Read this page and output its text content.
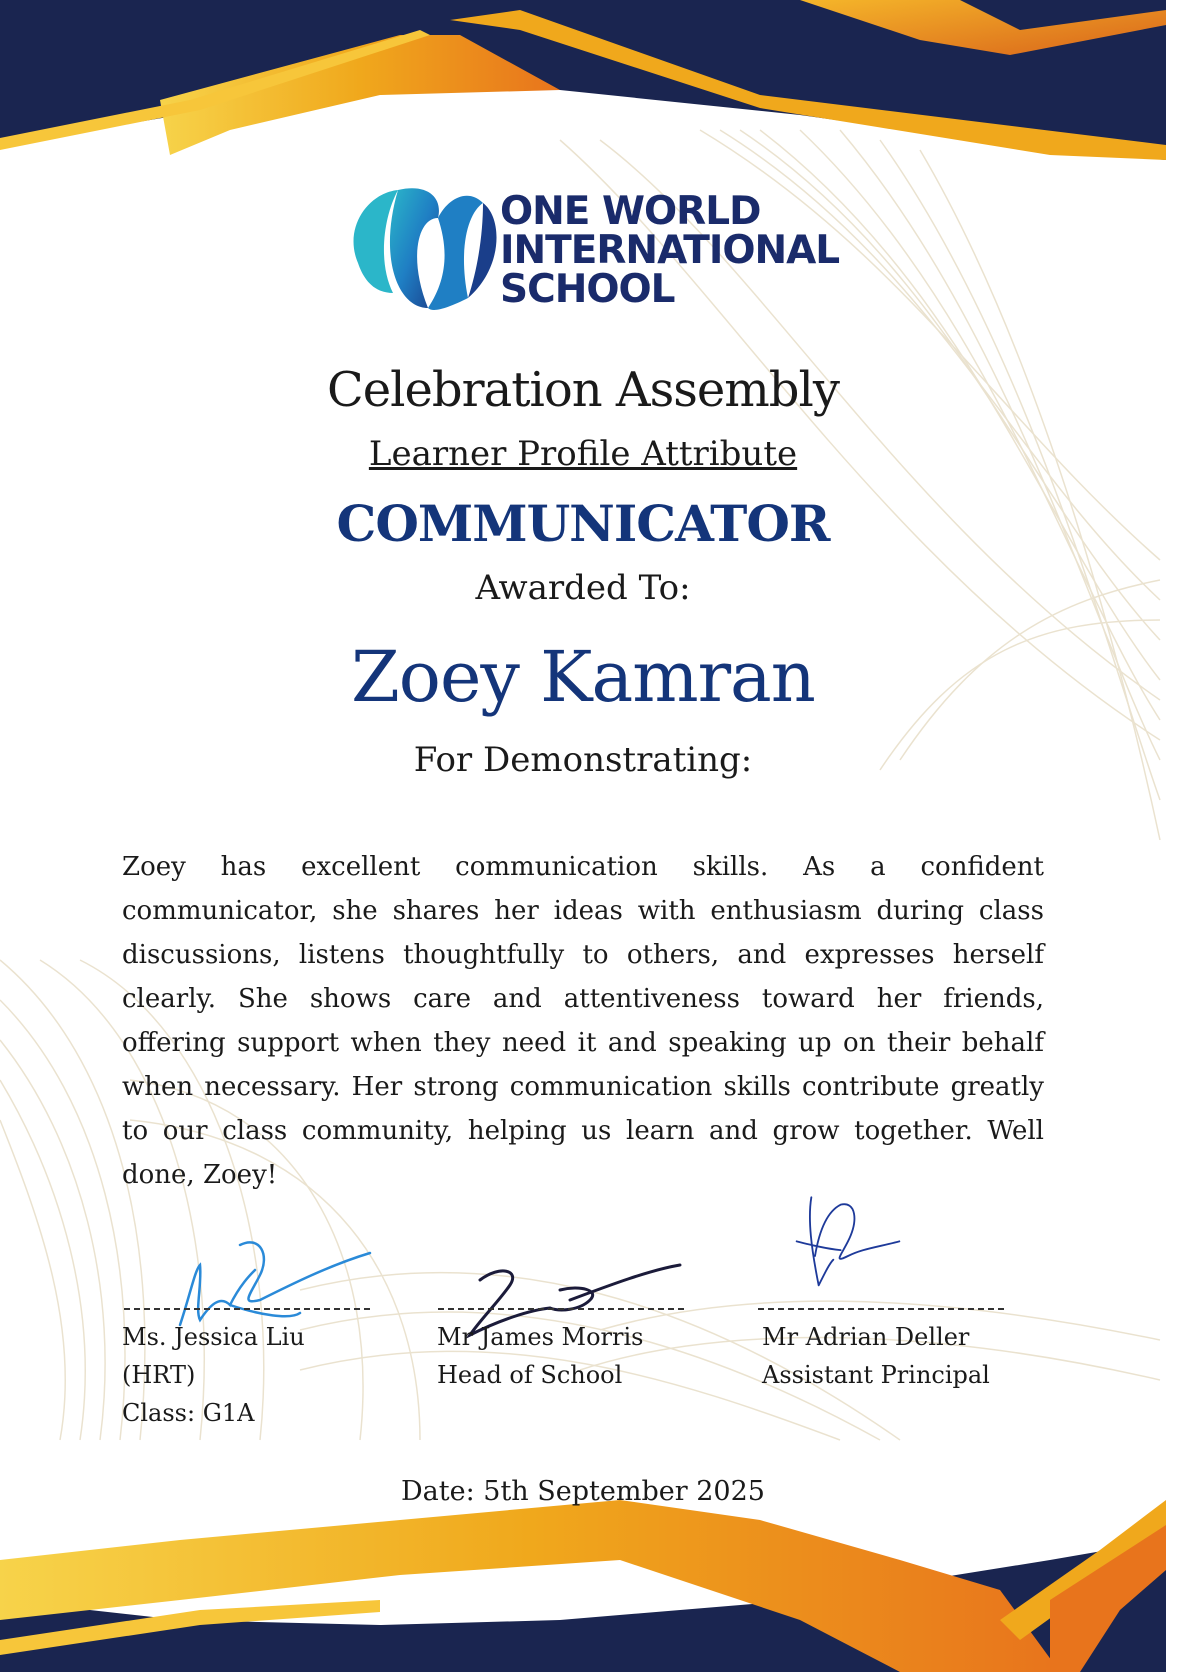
ONE WORLD
INTERNATIONAL
SCHOOL
Celebration Assembly
Learner Profile Attribute
COMMUNICATOR
Awarded To:
Zoey Kamran
For Demonstrating:
Zoey has excellent communication skills. As a confident communicator, she shares her ideas with enthusiasm during class discussions, listens thoughtfully to others, and expresses herself clearly. She shows care and attentiveness toward her friends, offering support when they need it and speaking up on their behalf when necessary. Her strong communication skills contribute greatly to our class community, helping us learn and grow together. Well done, Zoey!
Ms. Jessica Liu (HRT)
Class: G1A
Mr James Morris
Head of School
Mr Adrian Deller
Assistant Principal
Date: 5th September 2025
